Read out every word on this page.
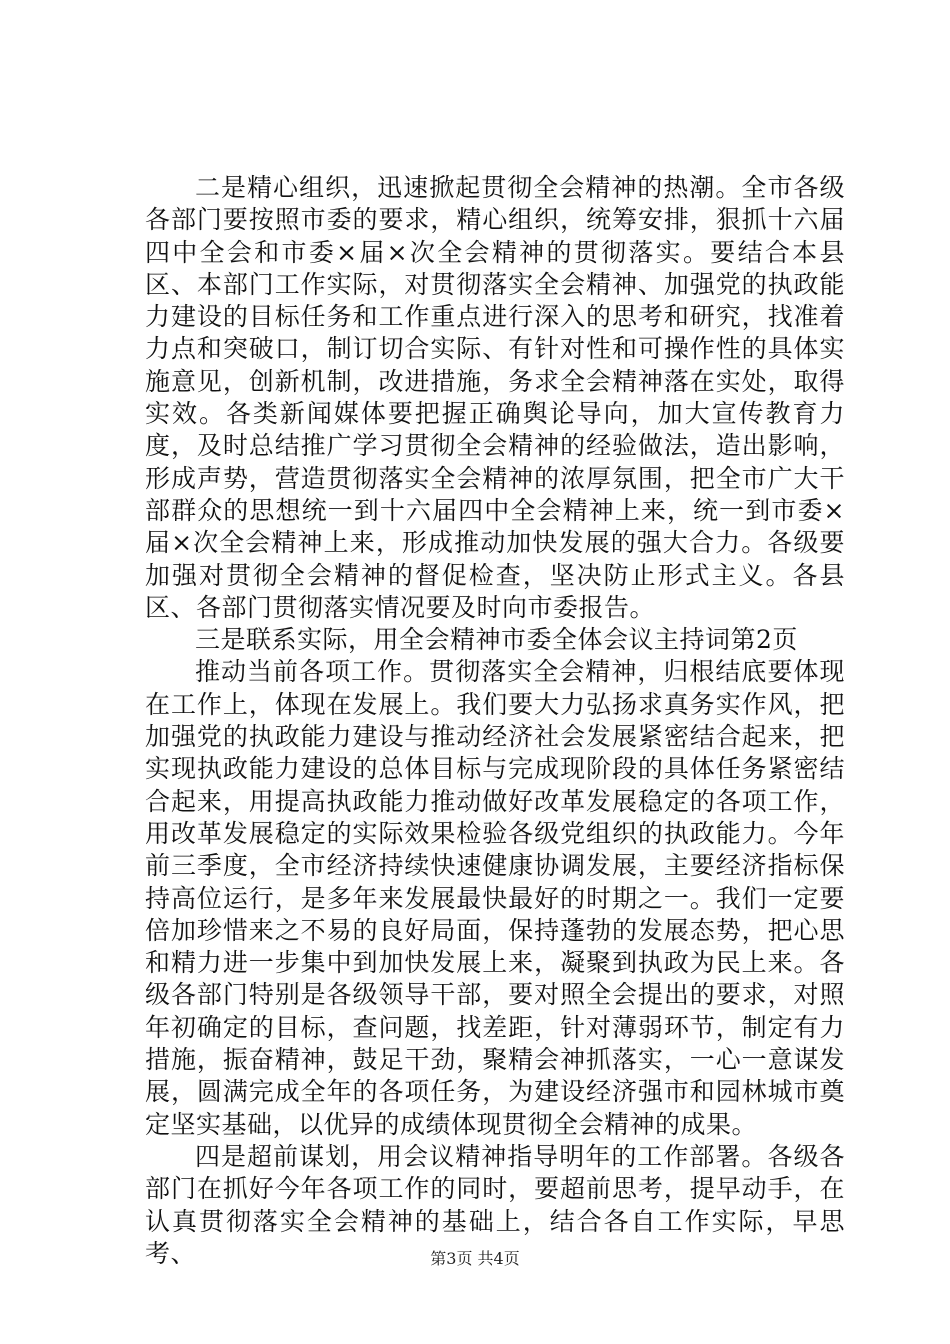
二是精心组织，迅速掀起贯彻全会精神的热潮。全市各级各部门要按照市委的要求，精心组织，统筹安排，狠抓十六届四中全会和市委×届×次全会精神的贯彻落实。要结合本县区、本部门工作实际，对贯彻落实全会精神、加强党的执政能力建设的目标任务和工作重点进行深入的思考和研究，找准着力点和突破口，制订切合实际、有针对性和可操作性的具体实施意见，创新机制，改进措施，务求全会精神落在实处，取得实效。各类新闻媒体要把握正确舆论导向，加大宣传教育力度，及时总结推广学习贯彻全会精神的经验做法，造出影响，形成声势，营造贯彻落实全会精神的浓厚氛围，把全市广大干部群众的思想统一到十六届四中全会精神上来，统一到市委×届×次全会精神上来，形成推动加快发展的强大合力。各级要加强对贯彻全会精神的督促检查，坚决防止形式主义。各县区、各部门贯彻落实情况要及时向市委报告。

三是联系实际，用全会精神市委全体会议主持词第2页

推动当前各项工作。贯彻落实全会精神，归根结底要体现在工作上，体现在发展上。我们要大力弘扬求真务实作风，把加强党的执政能力建设与推动经济社会发展紧密结合起来，把实现执政能力建设的总体目标与完成现阶段的具体任务紧密结合起来，用提高执政能力推动做好改革发展稳定的各项工作，用改革发展稳定的实际效果检验各级党组织的执政能力。今年前三季度，全市经济持续快速健康协调发展，主要经济指标保持高位运行，是多年来发展最快最好的时期之一。我们一定要倍加珍惜来之不易的良好局面，保持蓬勃的发展态势，把心思和精力进一步集中到加快发展上来，凝聚到执政为民上来。各级各部门特别是各级领导干部，要对照全会提出的要求，对照年初确定的目标，查问题，找差距，针对薄弱环节，制定有力措施，振奋精神，鼓足干劲，聚精会神抓落实，一心一意谋发展，圆满完成全年的各项任务，为建设经济强市和园林城市奠定坚实基础，以优异的成绩体现贯彻全会精神的成果。

四是超前谋划，用会议精神指导明年的工作部署。各级各部门在抓好今年各项工作的同时，要超前思考，提早动手，在认真贯彻落实全会精神的基础上，结合各自工作实际，早思考、	第3页 共4页
